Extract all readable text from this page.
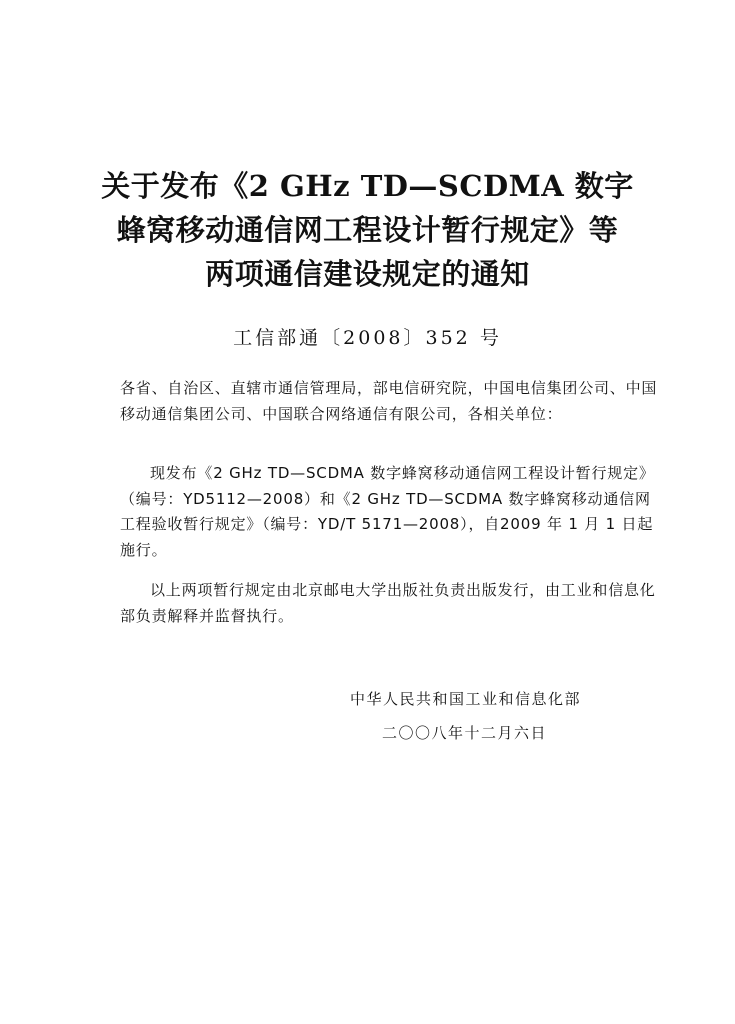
关于发布《2 GHz TD—SCDMA 数字
蜂窝移动通信网工程设计暂行规定》等
两项通信建设规定的通知
工信部通〔2008〕352 号

各省、自治区、直辖市通信管理局，部电信研究院，中国电信集团公司、中国移动通信集团公司、中国联合网络通信有限公司，各相关单位：

现发布《2 GHz TD—SCDMA 数字蜂窝移动通信网工程设计暂行规定》（编号：YD5112—2008）和《2 GHz TD—SCDMA 数字蜂窝移动通信网工程验收暂行规定》（编号：YD/T 5171—2008），自2009 年 1 月 1 日起施行。

以上两项暂行规定由北京邮电大学出版社负责出版发行，由工业和信息化部负责解释并监督执行。

中华人民共和国工业和信息化部
二〇〇八年十二月六日
